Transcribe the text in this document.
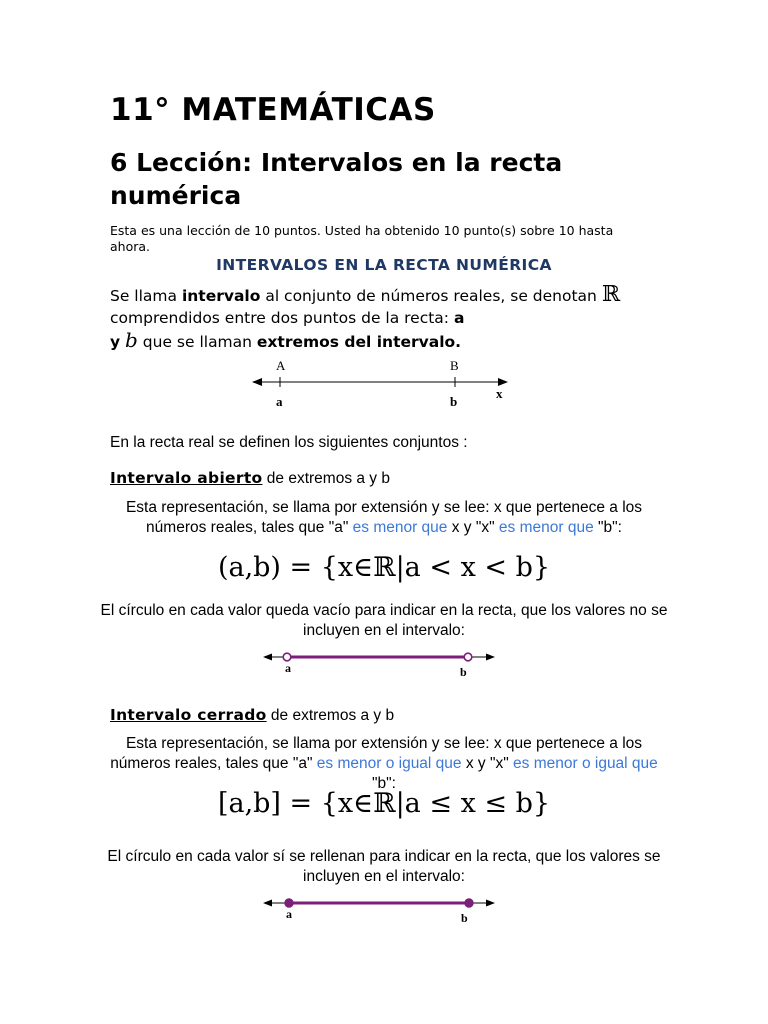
11° MATEMÁTICAS
6 Lección: Intervalos en la recta numérica

Esta es una lección de 10 puntos. Usted ha obtenido 10 punto(s) sobre 10 hasta ahora.

INTERVALOS EN LA RECTA NUMÉRICA

Se llama intervalo al conjunto de números reales, se denotan ℝ comprendidos entre dos puntos de la recta: a
y b que se llaman extremos del intervalo.

A	B
a	b
x

En la recta real se definen los siguientes conjuntos :

Intervalo abierto de extremos a y b

Esta representación, se llama por extensión y se lee: x que pertenece a los números reales, tales que "a" es menor que x y "x" es menor que "b":

(a,b) = {x∈ℝ|a < x < b}

El círculo en cada valor queda vacío para indicar en la recta, que los valores no se incluyen en el intervalo:

a	b

Intervalo cerrado de extremos a y b

Esta representación, se llama por extensión y se lee: x que pertenece a los números reales, tales que "a" es menor o igual que x y "x" es menor o igual que "b":

[a,b] = {x∈ℝ|a ≤ x ≤ b}

El círculo en cada valor sí se rellenan para indicar en la recta, que los valores se incluyen en el intervalo:

a	b
